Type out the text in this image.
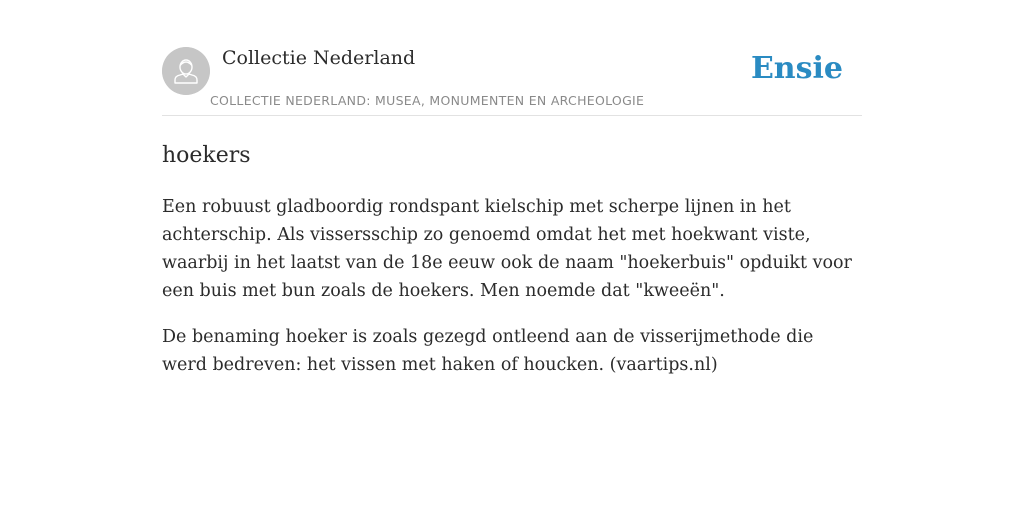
Collectie Nederland
COLLECTIE NEDERLAND: MUSEA, MONUMENTEN EN ARCHEOLOGIE
Ensie
hoekers

Een robuust gladboordig rondspant kielschip met scherpe lijnen in het achterschip. Als vissersschip zo genoemd omdat het met hoekwant viste, waarbij in het laatst van de 18e eeuw ook de naam "hoekerbuis" opduikt voor een buis met bun zoals de hoekers. Men noemde dat "kweeën".

De benaming hoeker is zoals gezegd ontleend aan de visserijmethode die werd bedreven: het vissen met haken of houcken. (vaartips.nl)
